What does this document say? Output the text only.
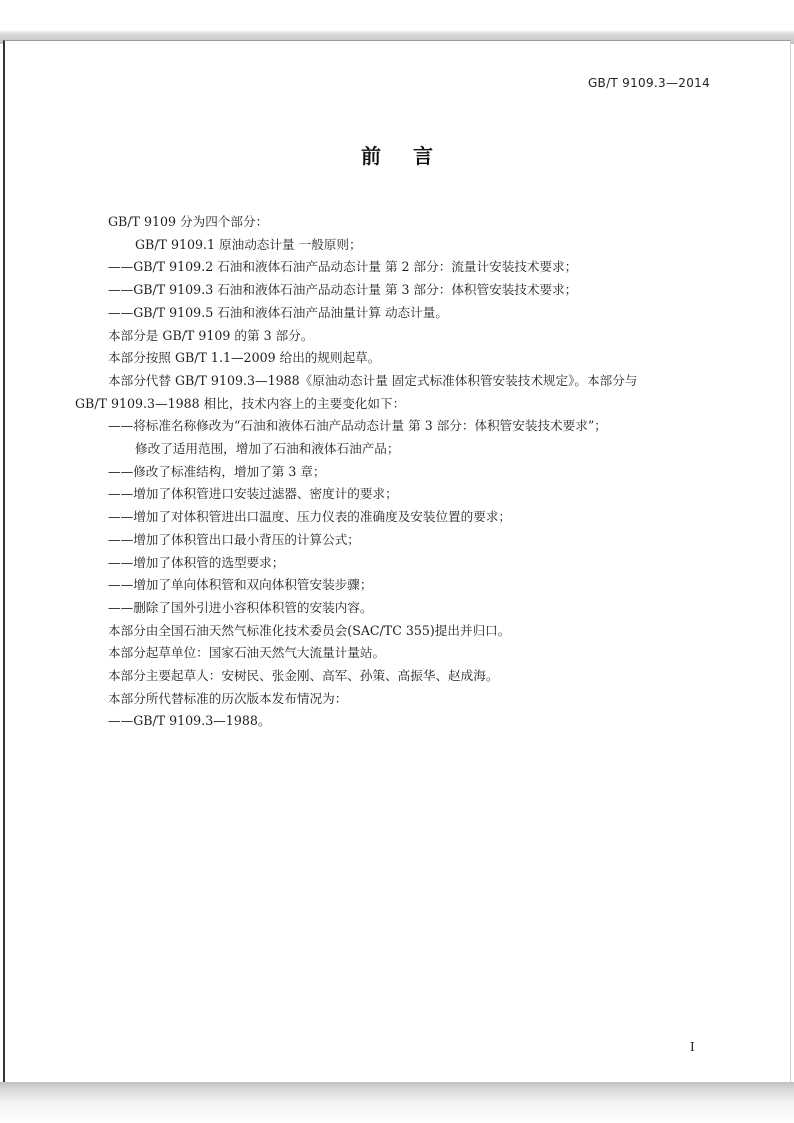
GB/T 9109.3—2014
前言
GB/T 9109 分为四个部分：
GB/T 9109.1 原油动态计量 一般原则；
——GB/T 9109.2 石油和液体石油产品动态计量 第 2 部分：流量计安装技术要求；
——GB/T 9109.3 石油和液体石油产品动态计量 第 3 部分：体积管安装技术要求；
——GB/T 9109.5 石油和液体石油产品油量计算 动态计量。
本部分是 GB/T 9109 的第 3 部分。
本部分按照 GB/T 1.1—2009 给出的规则起草。
本部分代替 GB/T 9109.3—1988《原油动态计量 固定式标准体积管安装技术规定》。本部分与
GB/T 9109.3—1988 相比，技术内容上的主要变化如下：
——将标准名称修改为“石油和液体石油产品动态计量 第 3 部分：体积管安装技术要求”；
修改了适用范围，增加了石油和液体石油产品；
——修改了标准结构，增加了第 3 章；
——增加了体积管进口安装过滤器、密度计的要求；
——增加了对体积管进出口温度、压力仪表的准确度及安装位置的要求；
——增加了体积管出口最小背压的计算公式；
——增加了体积管的选型要求；
——增加了单向体积管和双向体积管安装步骤；
——删除了国外引进小容积体积管的安装内容。
本部分由全国石油天然气标准化技术委员会(SAC/TC 355)提出并归口。
本部分起草单位：国家石油天然气大流量计量站。
本部分主要起草人：安树民、张金刚、高军、孙策、高振华、赵成海。
本部分所代替标准的历次版本发布情况为：
——GB/T 9109.3—1988。
I
